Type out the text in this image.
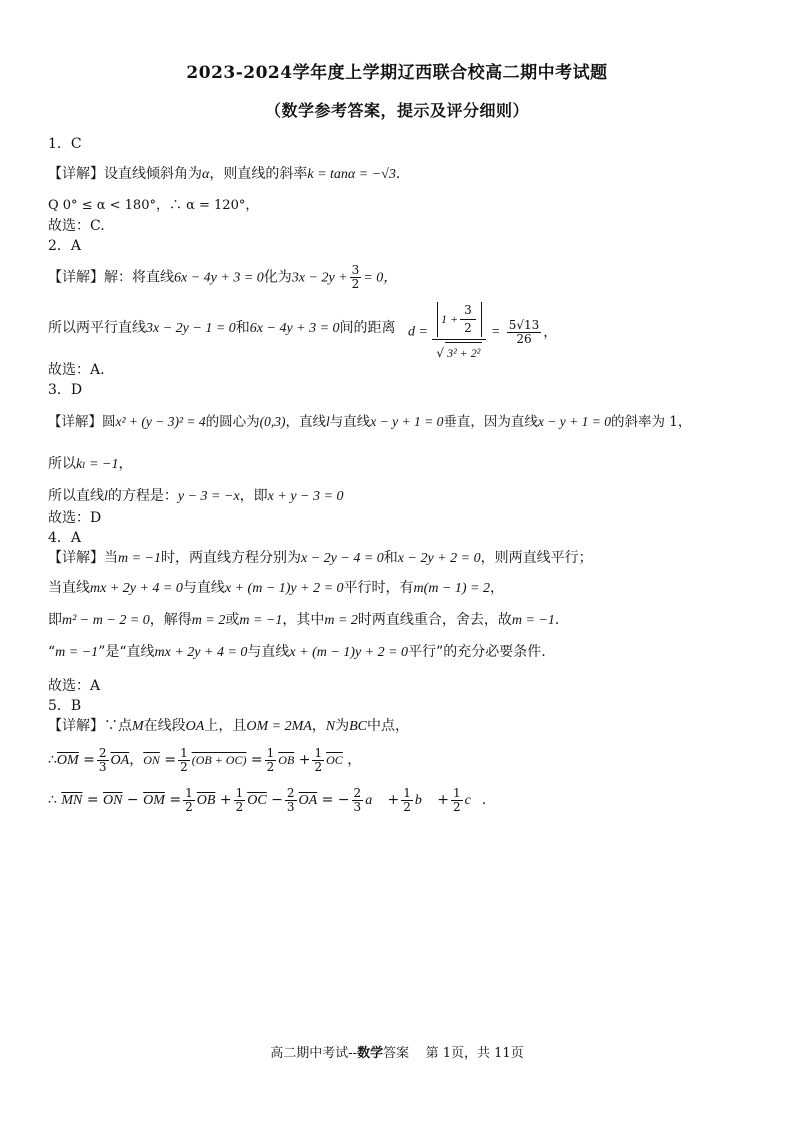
2023-2024学年度上学期辽西联合校高二期中考试题
（数学参考答案，提示及评分细则）
1．C
【详解】设直线倾斜角为α，则直线的斜率k = tanα = −√3.
Q 0° ≤ α < 180°，∴ α = 120°，
故选：C.
2．A
【详解】解：将直线6x − 4y + 3 = 0化为$3x - 2y + \frac{3}{2} = 0$，
所以两平行直线3x − 2y − 1 = 0和6x − 4y + 3 = 0间的距离 $d = \frac{1 + \frac{3}{2}}{\text{√ 3² + 2²}} = \frac{5√13}{26}$ ，
故选：A.
3．D
【详解】圆x² + (y − 3)² = 4的圆心为(0,3)，直线l与直线x − y + 1 = 0垂直，因为直线x − y + 1 = 0的斜率为 1，
所以kₗ = −1，
所以直线l的方程是：y − 3 = −x，即x + y − 3 = 0
故选：D
4．A
【详解】当m = −1时，两直线方程分别为x − 2y − 4 = 0和x − 2y + 2 = 0，则两直线平行；
当直线mx + 2y + 4 = 0与直线x + (m − 1)y + 2 = 0平行时，有m(m − 1) = 2，
即m² − m − 2 = 0，解得m = 2或m = −1，其中m = 2时两直线重合，舍去，故m = −1.
“m = −1”是“直线mx + 2y + 4 = 0与直线x + (m − 1)y + 2 = 0平行”的充分必要条件.
故选：A
5．B
【详解】∵点M在线段OA上，且OM = 2MA，N为BC中点，
$\therefore\overline{OM} = \frac{2}{3} \overline{OA}$，$\overline{ON} = \frac{1}{2} (OB + OC) = \frac{1}{2} \overline{OB} + \frac{1}{2} \overline{OC}$ ，
∴ $\overline{MN} = \overline{ON} - \overline{OM} = \frac{1}{2} \overline{OB} + \frac{1}{2} \overline{OC} - \frac{2}{3} \overline{OA}$ = − $\frac{2}{3}$ a⃗ + $\frac{1}{2}$ b⃗ + $\frac{1}{2}$ c⃗.
高二期中考试--数学答案    第 1页，共 11页
